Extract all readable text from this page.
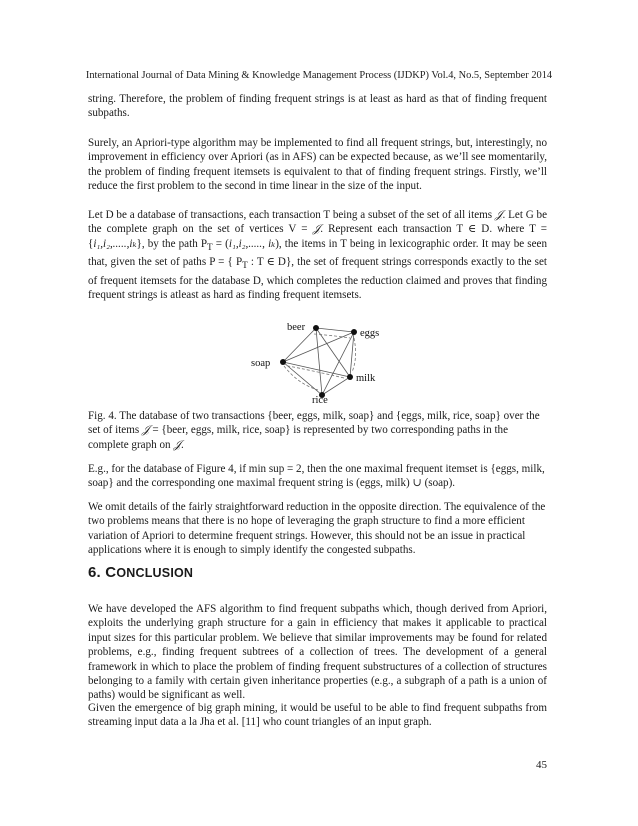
International Journal of Data Mining & Knowledge Management Process (IJDKP) Vol.4, No.5, September 2014

string. Therefore, the problem of finding frequent strings is at least as hard as that of finding frequent subpaths.

Surely, an Apriori-type algorithm may be implemented to find all frequent strings, but, interestingly, no improvement in efficiency over Apriori (as in AFS) can be expected because, as we’ll see momentarily, the problem of finding frequent itemsets is equivalent to that of finding frequent strings. Firstly, we’ll reduce the first problem to the second in time linear in the size of the input.

Let D be a database of transactions, each transaction T being a subset of the set of all items 𝒥. Let G be the complete graph on the set of vertices V = 𝒥. Represent each transaction T ∈ D. where T = {i₁,i₂,.....,iₖ}, by the path $P_T = (i_1,i_2$,....., iₖ), the items in T being in lexicographic order. It may be seen that, given the set of paths P = { $P_T$ : T ∈ D}, the set of frequent strings corresponds exactly to the set of frequent itemsets for the database D, which completes the reduction claimed and proves that finding frequent strings is atleast as hard as finding frequent itemsets.

beer
eggs
soap
milk
rice

Fig. 4. The database of two transactions {beer, eggs, milk, soap} and {eggs, milk, rice, soap} over the set of items 𝒥 = {beer, eggs, milk, rice, soap} is represented by two corresponding paths in the complete graph on 𝒥.

E.g., for the database of Figure 4, if min sup = 2, then the one maximal frequent itemset is {eggs, milk, soap} and the corresponding one maximal frequent string is (eggs, milk) ∪ (soap).

We omit details of the fairly straightforward reduction in the opposite direction. The equivalence of the two problems means that there is no hope of leveraging the graph structure to find a more efficient variation of Apriori to determine frequent strings. However, this should not be an issue in practical applications where it is enough to simply identify the congested subpaths.

6. CONCLUSION

We have developed the AFS algorithm to find frequent subpaths which, though derived from Apriori, exploits the underlying graph structure for a gain in efficiency that makes it applicable to practical input sizes for this particular problem. We believe that similar improvements may be found for related problems, e.g., finding frequent subtrees of a collection of trees. The development of a general framework in which to place the problem of finding frequent substructures of a collection of structures belonging to a family with certain given inheritance properties (e.g., a subgraph of a path is a union of paths) would be significant as well.

Given the emergence of big graph mining, it would be useful to be able to find frequent subpaths from streaming input data a la Jha et al. [11] who count triangles of an input graph.

45
